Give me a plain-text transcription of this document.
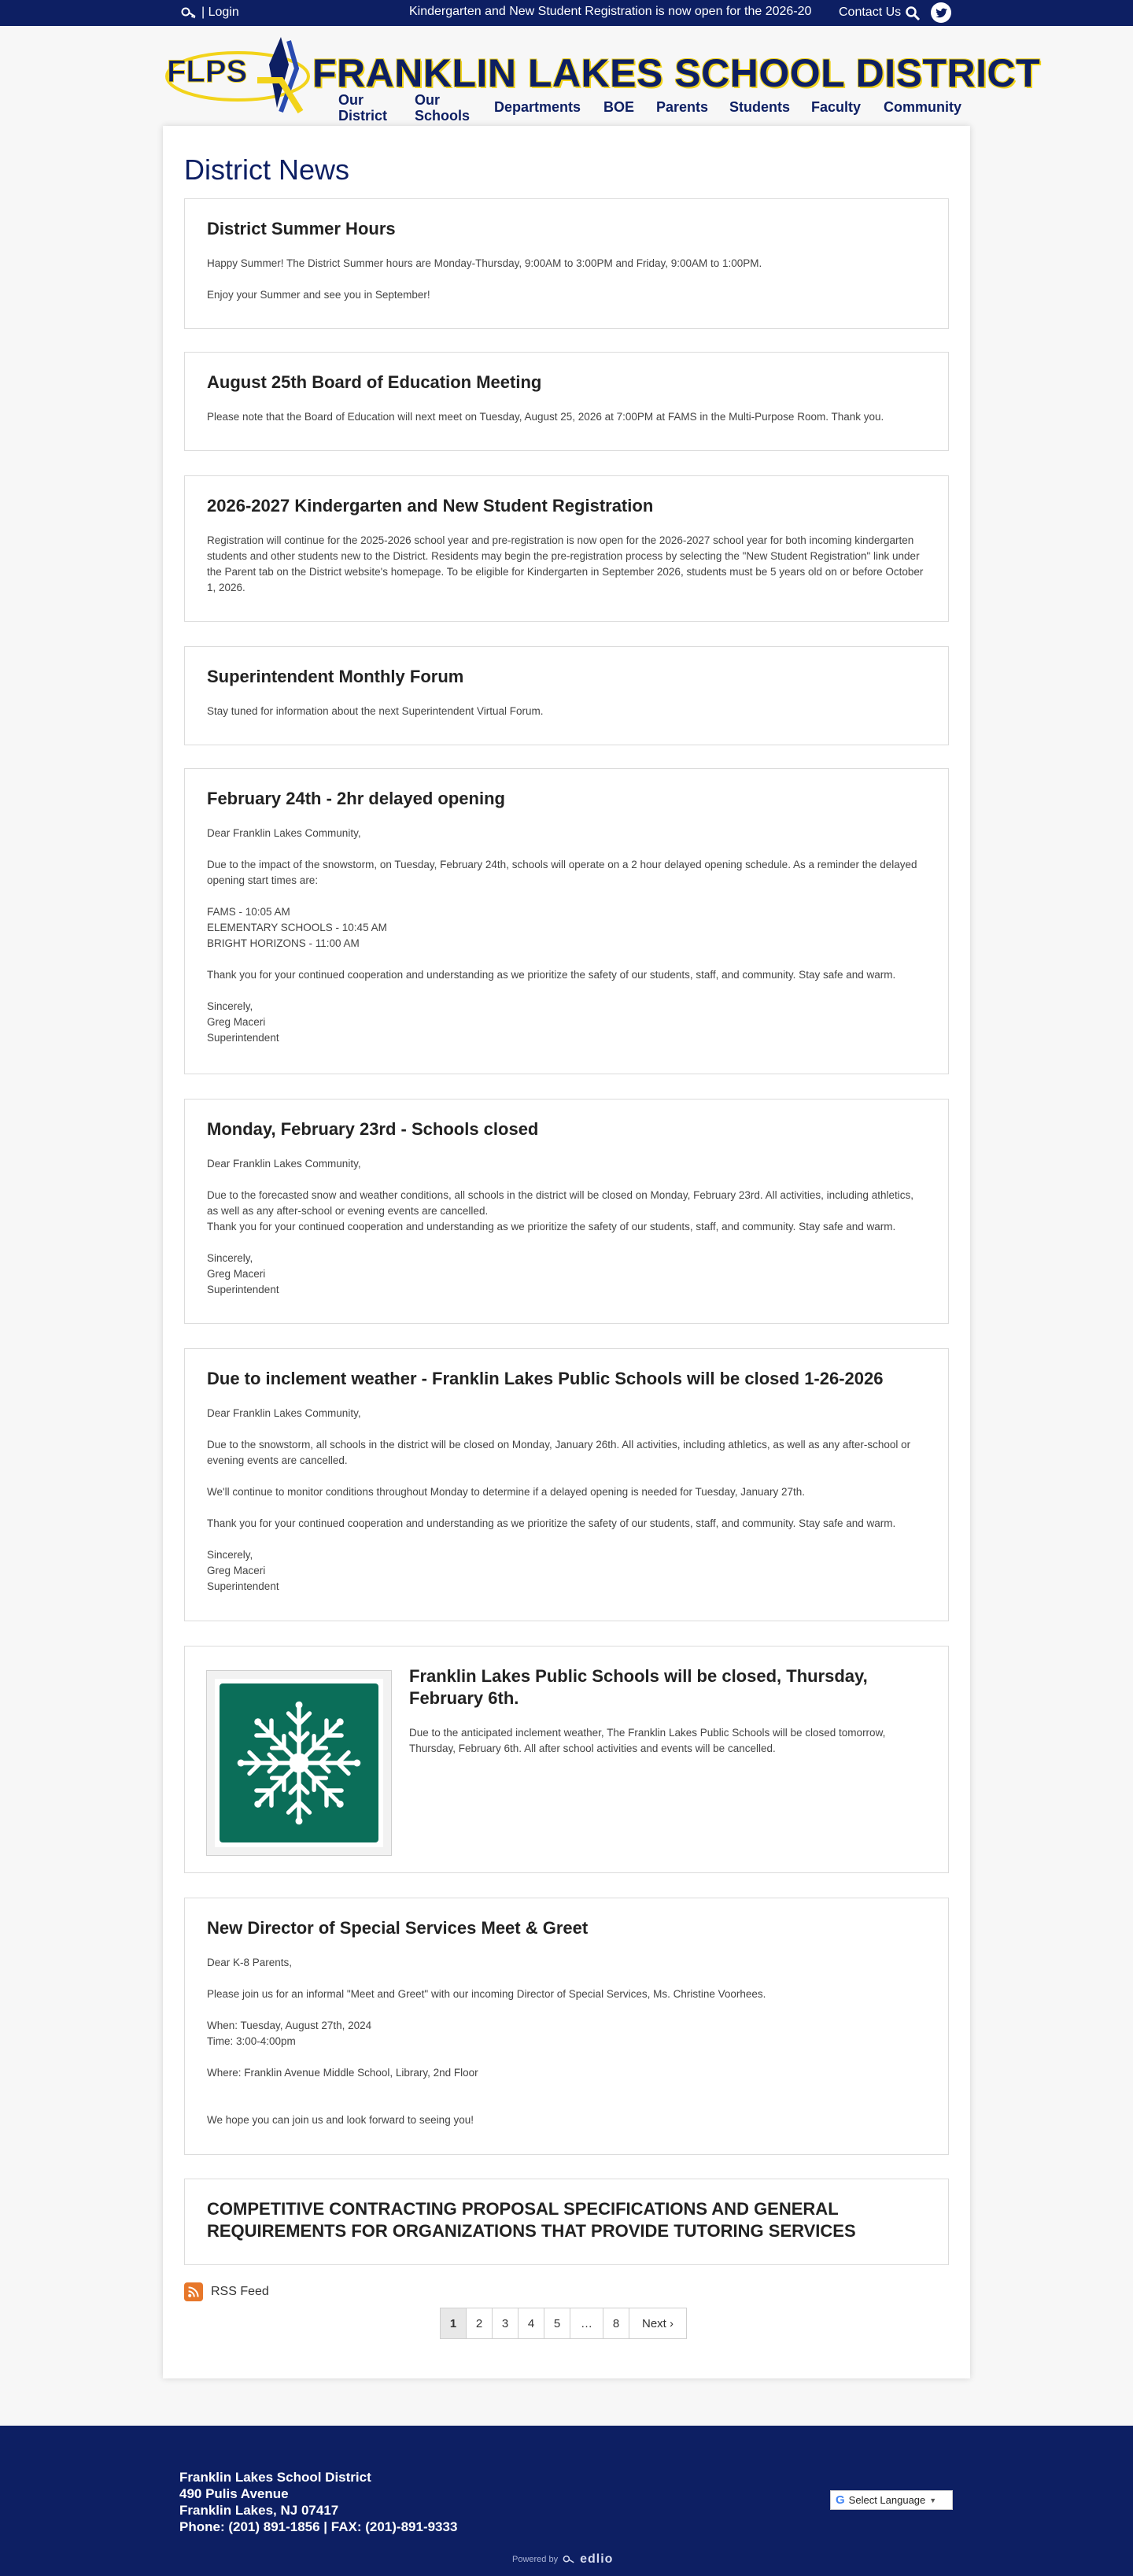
| Login	Kindergarten and New Student Registration is now open for the 2026-20 Contact Us
FLPS FRANKLIN LAKES SCHOOL DISTRICT
Our District
Our Schools
Departments BOE Parents Students Faculty Community
District News
District Summer Hours

Happy Summer! The District Summer hours are Monday-Thursday, 9:00AM to 3:00PM and Friday, 9:00AM to 1:00PM.

Enjoy your Summer and see you in September!

August 25th Board of Education Meeting

Please note that the Board of Education will next meet on Tuesday, August 25, 2026 at 7:00PM at FAMS in the Multi-Purpose Room. Thank you.

2026-2027 Kindergarten and New Student Registration

Registration will continue for the 2025-2026 school year and pre-registration is now open for the 2026-2027 school year for both incoming kindergarten students and other students new to the District. Residents may begin the pre-registration process by selecting the "New Student Registration" link under the Parent tab on the District website's homepage. To be eligible for Kindergarten in September 2026, students must be 5 years old on or before October 1, 2026.

Superintendent Monthly Forum

Stay tuned for information about the next Superintendent Virtual Forum.

February 24th - 2hr delayed opening

Dear Franklin Lakes Community,

Due to the impact of the snowstorm, on Tuesday, February 24th, schools will operate on a 2 hour delayed opening schedule. As a reminder the delayed opening start times are:

FAMS - 10:05 AM

ELEMENTARY SCHOOLS - 10:45 AM

BRIGHT HORIZONS - 11:00 AM

Thank you for your continued cooperation and understanding as we prioritize the safety of our students, staff, and community. Stay safe and warm.

Sincerely,

Greg Maceri

Superintendent

Monday, February 23rd - Schools closed

Dear Franklin Lakes Community,

Due to the forecasted snow and weather conditions, all schools in the district will be closed on Monday, February 23rd. All activities, including athletics, as well as any after-school or evening events are cancelled.

Thank you for your continued cooperation and understanding as we prioritize the safety of our students, staff, and community. Stay safe and warm.

Sincerely,

Greg Maceri

Superintendent

Due to inclement weather - Franklin Lakes Public Schools will be closed 1-26-2026

Dear Franklin Lakes Community,

Due to the snowstorm, all schools in the district will be closed on Monday, January 26th. All activities, including athletics, as well as any after-school or evening events are cancelled.

We'll continue to monitor conditions throughout Monday to determine if a delayed opening is needed for Tuesday, January 27th.

Thank you for your continued cooperation and understanding as we prioritize the safety of our students, staff, and community. Stay safe and warm.

Sincerely,

Greg Maceri

Superintendent

Franklin Lakes Public Schools will be closed, Thursday, February 6th.

Due to the anticipated inclement weather, The Franklin Lakes Public Schools will be closed tomorrow, Thursday, February 6th. All after school activities and events will be cancelled.

New Director of Special Services Meet & Greet

Dear K-8 Parents,

Please join us for an informal "Meet and Greet" with our incoming Director of Special Services, Ms. Christine Voorhees.

When: Tuesday, August 27th, 2024

Time: 3:00-4:00pm

Where: Franklin Avenue Middle School, Library, 2nd Floor

We hope you can join us and look forward to seeing you!

COMPETITIVE CONTRACTING PROPOSAL SPECIFICATIONS AND GENERAL REQUIREMENTS FOR ORGANIZATIONS THAT PROVIDE TUTORING SERVICES
RSS Feed
1	2	3	4	5	…	8	Next ›
Franklin Lakes School District
490 Pulis Avenue
Franklin Lakes, NJ 07417
Phone: (201) 891-1856 | FAX: (201)-891-9333
G Select Language ▼
Powered by edlio
